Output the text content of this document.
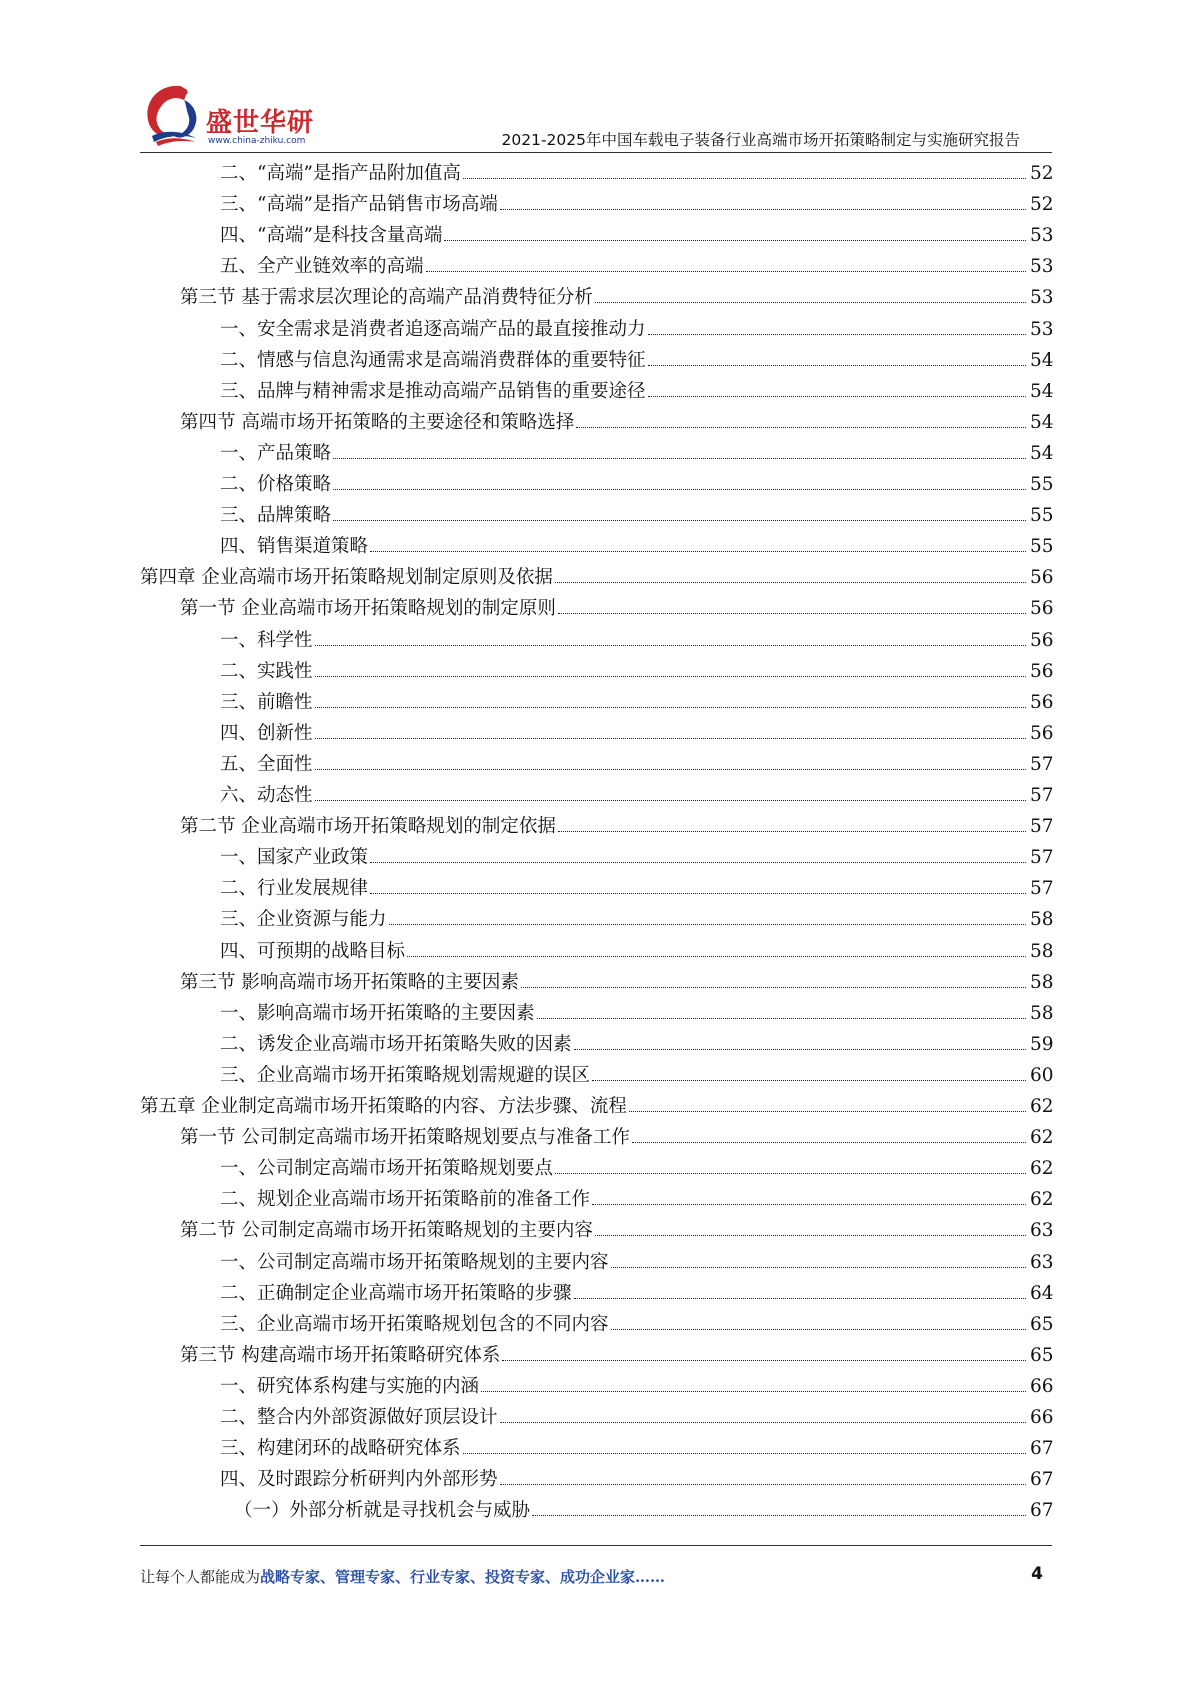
盛世华研
www.china-zhiku.com	2021-2025年中国车载电子装备行业高端市场开拓策略制定与实施研究报告
二、“高端”是指产品附加值高	52
三、“高端”是指产品销售市场高端	52
四、“高端”是科技含量高端	53
五、全产业链效率的高端	53
第三节 基于需求层次理论的高端产品消费特征分析	53
一、安全需求是消费者追逐高端产品的最直接推动力	53
二、情感与信息沟通需求是高端消费群体的重要特征	54
三、品牌与精神需求是推动高端产品销售的重要途径	54
第四节 高端市场开拓策略的主要途径和策略选择	54
一、产品策略	54
二、价格策略	55
三、品牌策略	55
四、销售渠道策略	55
第四章 企业高端市场开拓策略规划制定原则及依据	56
第一节 企业高端市场开拓策略规划的制定原则	56
一、科学性	56
二、实践性	56
三、前瞻性	56
四、创新性	56
五、全面性	57
六、动态性	57
第二节 企业高端市场开拓策略规划的制定依据	57
一、国家产业政策	57
二、行业发展规律	57
三、企业资源与能力	58
四、可预期的战略目标	58
第三节 影响高端市场开拓策略的主要因素	58
一、影响高端市场开拓策略的主要因素	58
二、诱发企业高端市场开拓策略失败的因素	59
三、企业高端市场开拓策略规划需规避的误区	60
第五章 企业制定高端市场开拓策略的内容、方法步骤、流程	62
第一节 公司制定高端市场开拓策略规划要点与准备工作	62
一、公司制定高端市场开拓策略规划要点	62
二、规划企业高端市场开拓策略前的准备工作	62
第二节 公司制定高端市场开拓策略规划的主要内容	63
一、公司制定高端市场开拓策略规划的主要内容	63
二、正确制定企业高端市场开拓策略的步骤	64
三、企业高端市场开拓策略规划包含的不同内容	65
第三节 构建高端市场开拓策略研究体系	65
一、研究体系构建与实施的内涵	66
二、整合内外部资源做好顶层设计	66
三、构建闭环的战略研究体系	67
四、及时跟踪分析研判内外部形势	67
（一）外部分析就是寻找机会与威胁	67
让每个人都能成为战略专家、管理专家、行业专家、投资专家、成功企业家……	4
